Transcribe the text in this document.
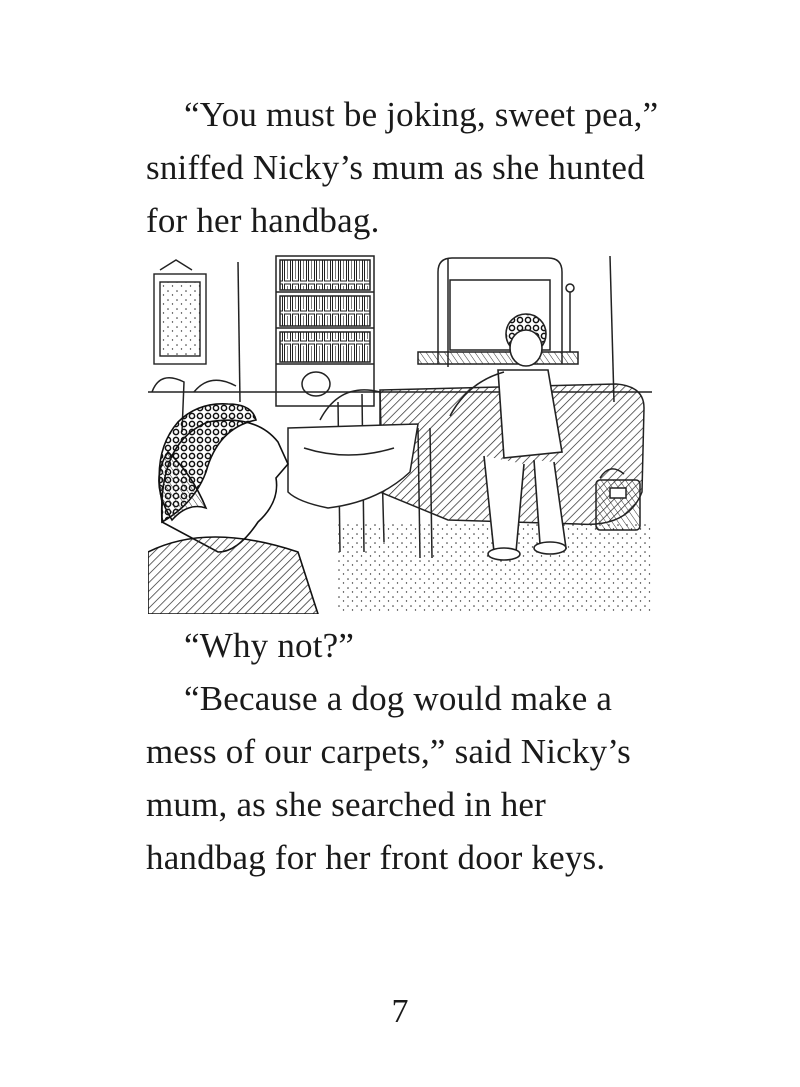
“You must be joking, sweet pea,” sniffed Nicky’s mum as she hunted for her handbag.

“Why not?”

“Because a dog would make a mess of our carpets,” said Nicky’s mum, as she searched in her handbag for her front door keys.

7
